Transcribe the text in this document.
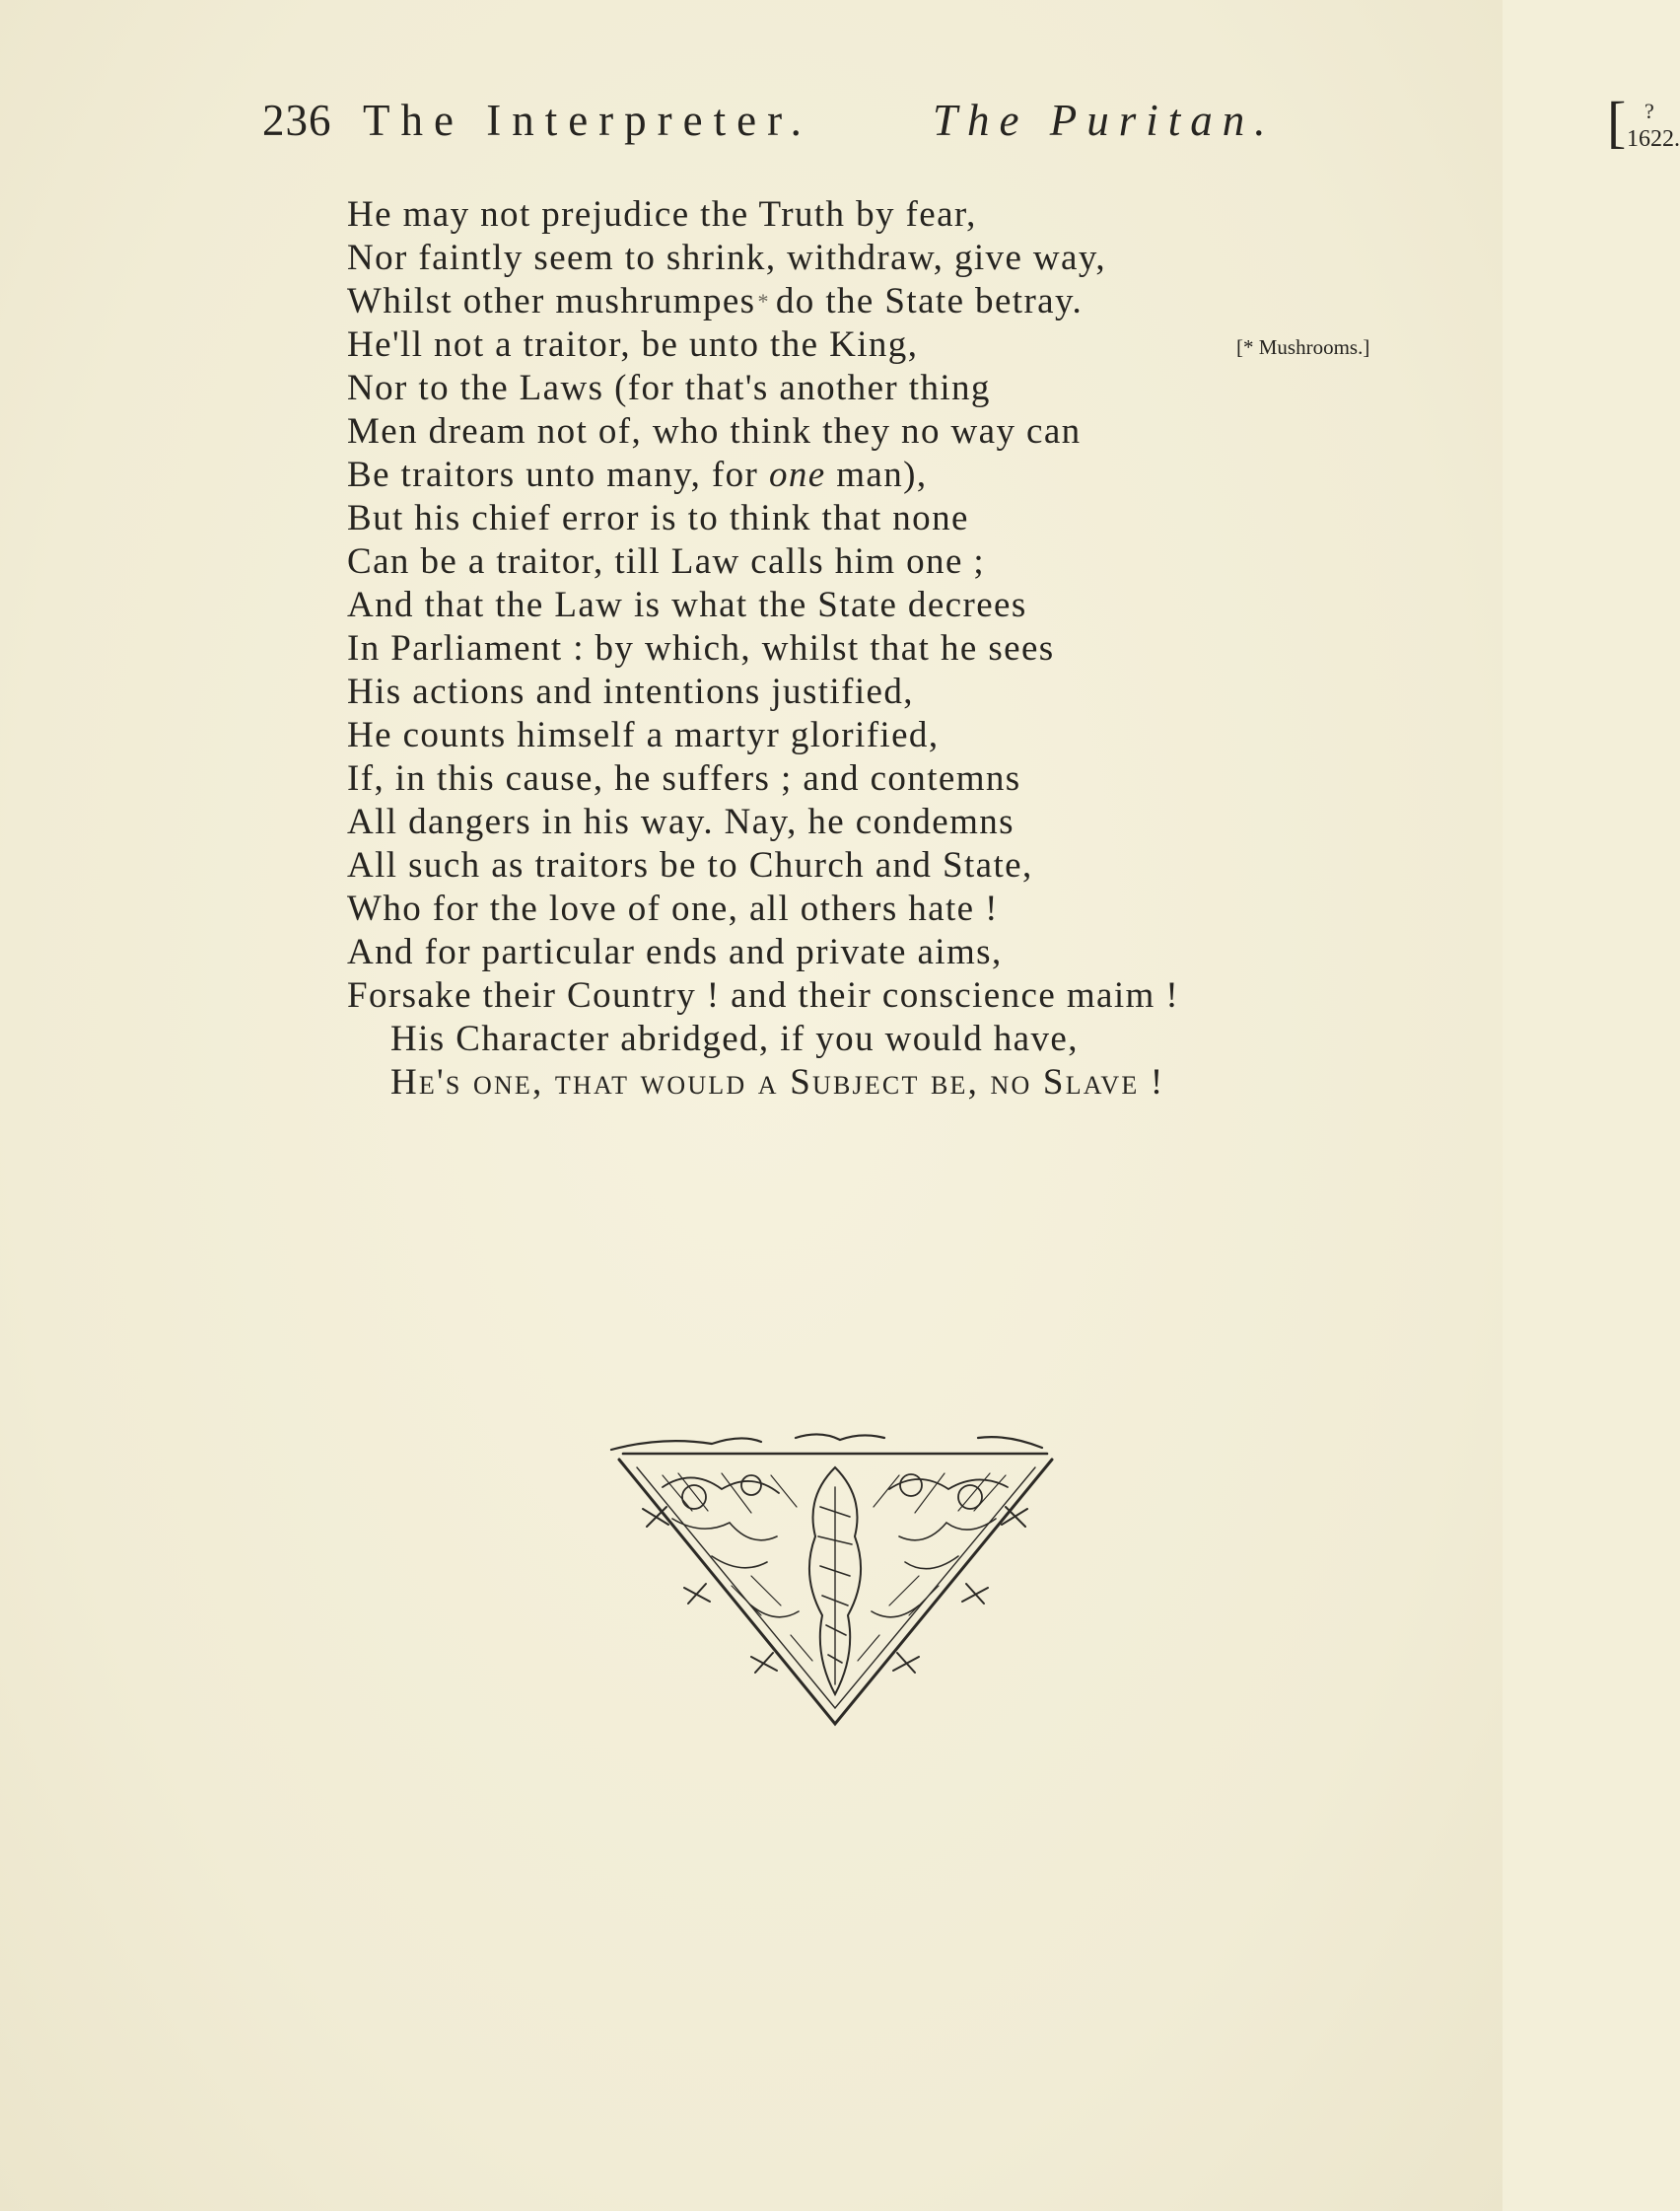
236 The Interpreter.	The Puritan.	[ ?
1622.
He may not prejudice the Truth by fear,
Nor faintly seem to shrink, withdraw, give way,
Whilst other mushrumpes* do the State betray.
He'll not a traitor, be unto the King,
Nor to the Laws (for that's another thing
Men dream not of, who think they no way can
Be traitors unto many, for one man),
But his chief error is to think that none
Can be a traitor, till Law calls him one ;
And that the Law is what the State decrees
In Parliament : by which, whilst that he sees
His actions and intentions justified,
He counts himself a martyr glorified,
If, in this cause, he suffers ; and contemns
All dangers in his way. Nay, he condemns
All such as traitors be to Church and State,
Who for the love of one, all others hate !
And for particular ends and private aims,
Forsake their Country ! and their conscience maim !
His Character abridged, if you would have,
He's one, that would a Subject be, no Slave !
[* Mushrooms.]
